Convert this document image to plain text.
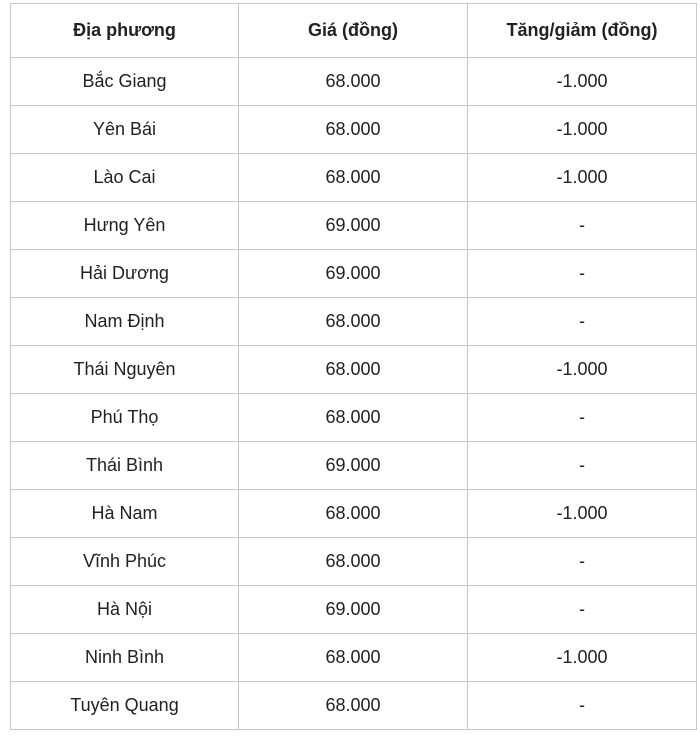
Địa phương	Giá (đồng)	Tăng/giảm (đồng)
Bắc Giang	68.000	-1.000
Yên Bái	68.000	-1.000
Lào Cai	68.000	-1.000
Hưng Yên	69.000	-
Hải Dương	69.000	-
Nam Định	68.000	-
Thái Nguyên	68.000	-1.000
Phú Thọ	68.000	-
Thái Bình	69.000	-
Hà Nam	68.000	-1.000
Vĩnh Phúc	68.000	-
Hà Nội	69.000	-
Ninh Bình	68.000	-1.000
Tuyên Quang	68.000	-
